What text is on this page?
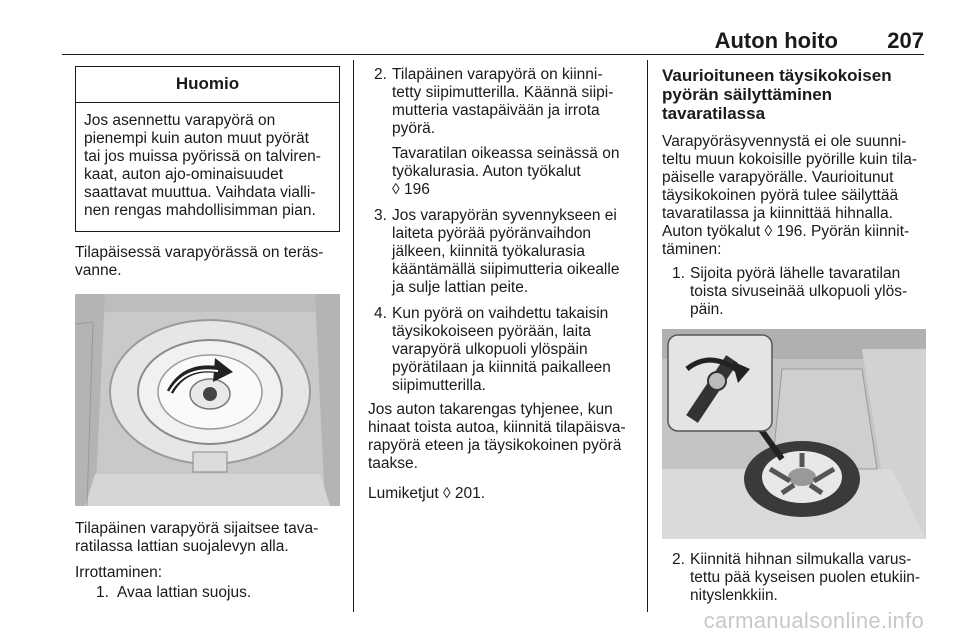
Auton hoito 207
Huomio
Jos asennettu varapyörä on
pienempi kuin auton muut pyörät
tai jos muissa pyörissä on talviren-
kaat, auton ajo-ominaisuudet
saattavat muuttua. Vaihdata vialli-
nen rengas mahdollisimman pian.

Tilapäisessä varapyörässä on teräs-
vanne.

Tilapäinen varapyörä sijaitsee tava-
ratilassa lattian suojalevyn alla.

Irrottaminen:

1. Avaa lattian suojus.
2. Tilapäinen varapyörä on kiinni-
tetty siipimutterilla. Käännä siipi-
mutteria vastapäivään ja irrota
pyörä.
Tavaratilan oikeassa seinässä on
työkalurasia. Auton työkalut
◊ 196
3. Jos varapyörän syvennykseen ei
laiteta pyörää pyöränvaihdon
jälkeen, kiinnitä työkalurasia
kääntämällä siipimutteria oikealle
ja sulje lattian peite.
4. Kun pyörä on vaihdettu takaisin
täysikokoiseen pyörään, laita
varapyörä ulkopuoli ylöspäin
pyörätilaan ja kiinnitä paikalleen
siipimutterilla.

Jos auton takarengas tyhjenee, kun
hinaat toista autoa, kiinnitä tilapäisva-
rapyörä eteen ja täysikokoinen pyörä
taakse.

Lumiketjut ◊ 201.

Vaurioituneen täysikokoisen
pyörän säilyttäminen
tavaratilassa

Varapyöräsyvennystä ei ole suunni-
teltu muun kokoisille pyörille kuin tila-
päiselle varapyörälle. Vaurioitunut
täysikokoinen pyörä tulee säilyttää
tavaratilassa ja kiinnittää hihnalla.
Auton työkalut ◊ 196. Pyörän kiinnit-
täminen:

1. Sijoita pyörä lähelle tavaratilan
toista sivuseinää ulkopuoli ylös-
päin.
2. Kiinnitä hihnan silmukalla varus-
tettu pää kyseisen puolen etukiin-
nityslenkkiin.
carmanualsonline.info
